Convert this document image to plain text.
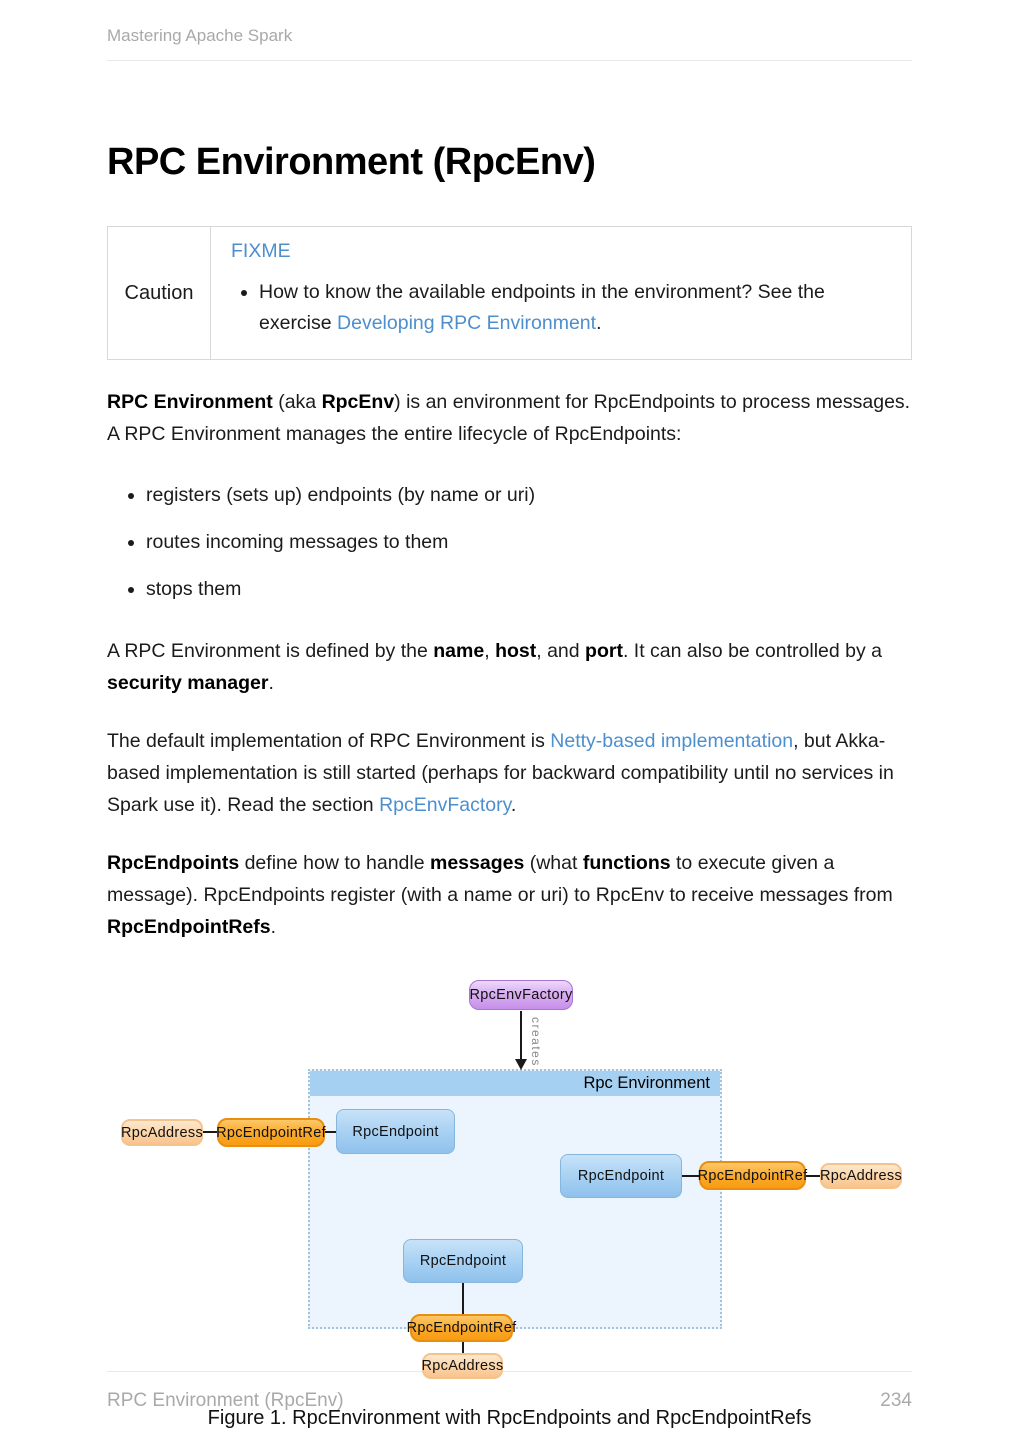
Mastering Apache Spark
RPC Environment (RpcEnv)
Caution	FIXME
• How to know the available endpoints in the environment? See the exercise Developing RPC Environment.

RPC Environment (aka RpcEnv) is an environment for RpcEndpoints to process messages. A RPC Environment manages the entire lifecycle of RpcEndpoints:

• registers (sets up) endpoints (by name or uri)
• routes incoming messages to them
• stops them

A RPC Environment is defined by the name, host, and port. It can also be controlled by a security manager.

The default implementation of RPC Environment is Netty-based implementation, but Akka-based implementation is still started (perhaps for backward compatibility until no services in Spark use it). Read the section RpcEnvFactory.

RpcEndpoints define how to handle messages (what functions to execute given a message). RpcEndpoints register (with a name or uri) to RpcEnv to receive messages from RpcEndpointRefs.

RpcEnvFactory
creates
Rpc Environment
RpcAddress RpcEndpointRef	RpcEndpoint
RpcEndpoint	RpcEndpointRef RpcAddress
RpcEndpoint
RpcEndpointRef
RpcAddress
Figure 1. RpcEnvironment with RpcEndpoints and RpcEndpointRefs
RPC Environment (RpcEnv)	234
